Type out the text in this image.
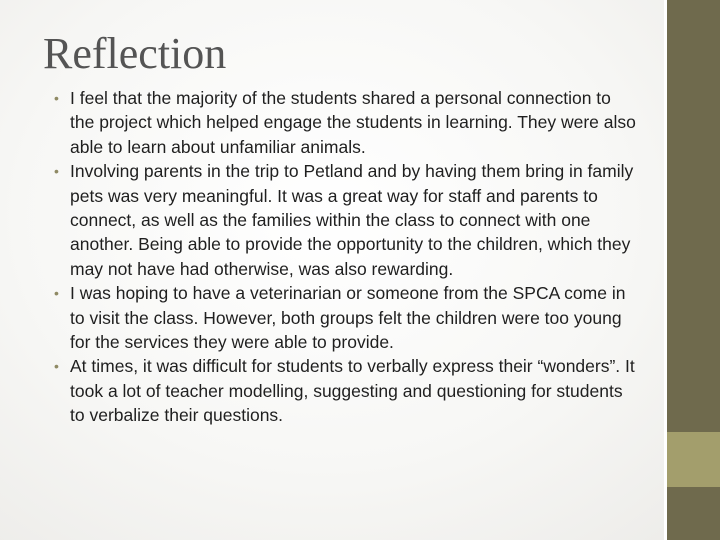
Reflection
• I feel that the majority of the students shared a personal connection to the project which helped engage the students in learning. They were also able to learn about unfamiliar animals.
• Involving parents in the trip to Petland and by having them bring in family pets was very meaningful. It was a great way for staff and parents to connect, as well as the families within the class to connect with one another. Being able to provide the opportunity to the children, which they may not have had otherwise, was also rewarding.
• I was hoping to have a veterinarian or someone from the SPCA come in to visit the class. However, both groups felt the children were too young for the services they were able to provide.
• At times, it was difficult for students to verbally express their “wonders”. It took a lot of teacher modelling, suggesting and questioning for students to verbalize their questions.
